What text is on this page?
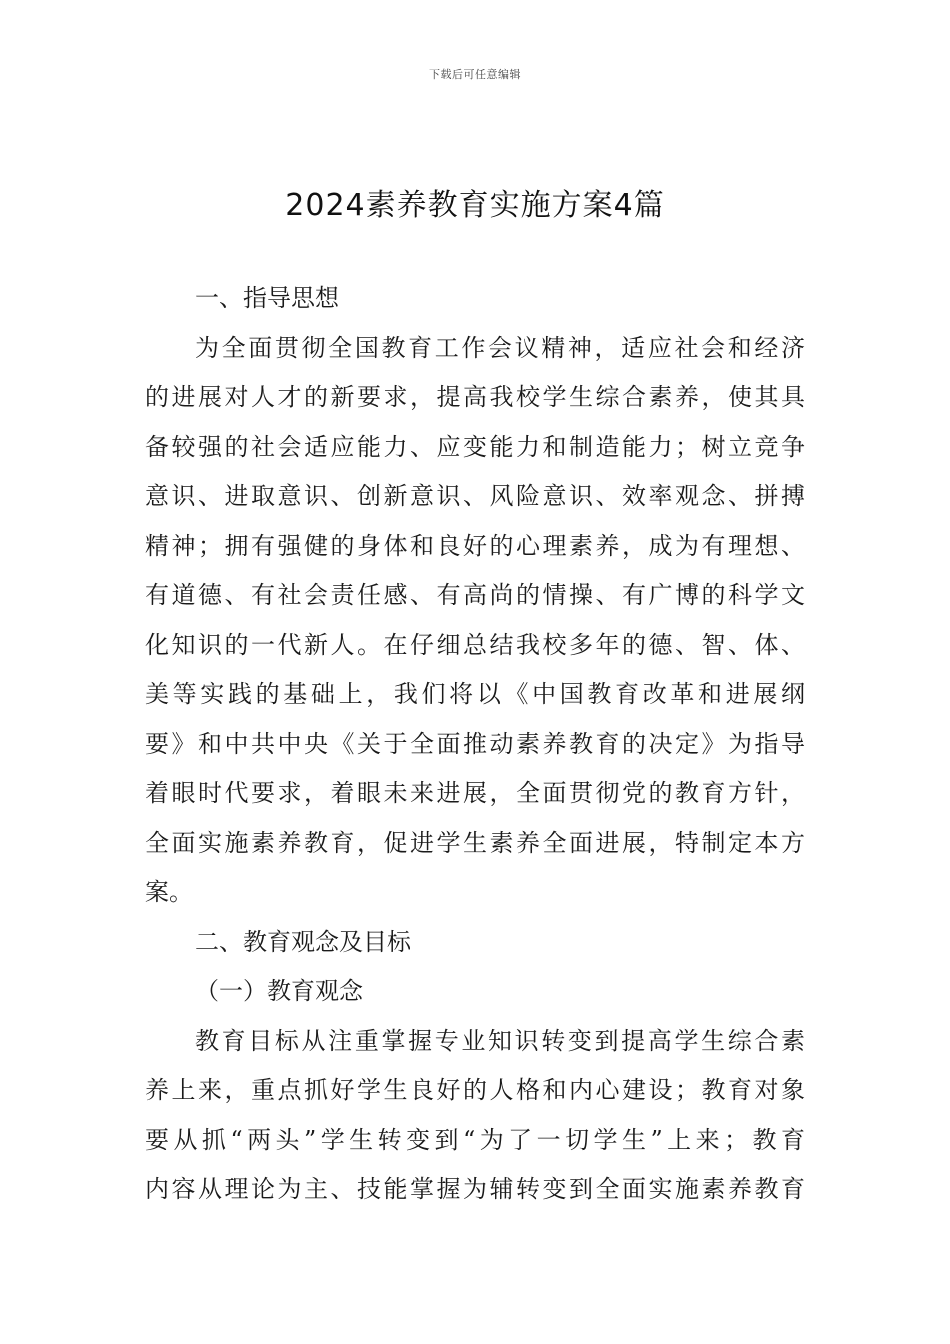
下载后可任意编辑
2024素养教育实施方案4篇
一、指导思想
为全面贯彻全国教育工作会议精神，适应社会和经济
的进展对人才的新要求，提高我校学生综合素养，使其具
备较强的社会适应能力、应变能力和制造能力；树立竞争
意识、进取意识、创新意识、风险意识、效率观念、拼搏
精神；拥有强健的身体和良好的心理素养，成为有理想、
有道德、有社会责任感、有高尚的情操、有广博的科学文
化知识的一代新人。在仔细总结我校多年的德、智、体、
美等实践的基础上，我们将以《中国教育改革和进展纲
要》和中共中央《关于全面推动素养教育的决定》为指导
着眼时代要求，着眼未来进展，全面贯彻党的教育方针，
全面实施素养教育，促进学生素养全面进展，特制定本方
案。
二、教育观念及目标
（一）教育观念
教育目标从注重掌握专业知识转变到提高学生综合素
养上来，重点抓好学生良好的人格和内心建设；教育对象
要从抓“两头”学生转变到“为了一切学生”上来；教育
内容从理论为主、技能掌握为辅转变到全面实施素养教育
